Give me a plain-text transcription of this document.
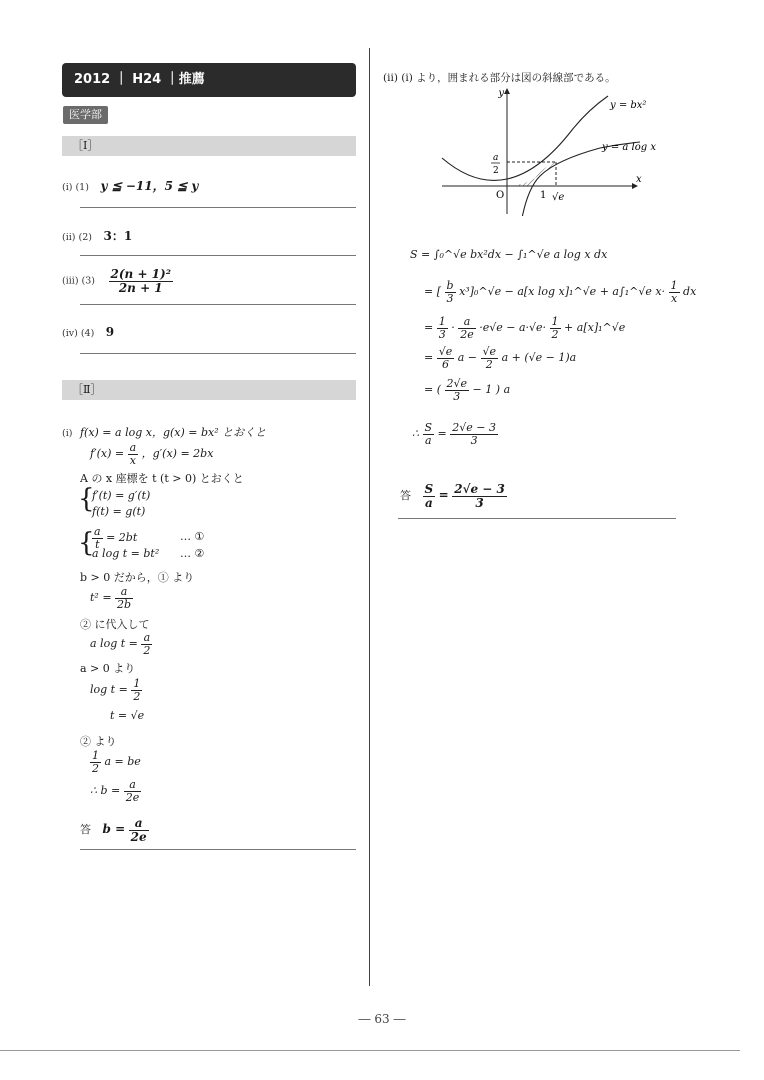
2012 ｜ H24 ｜推薦
医学部
［Ⅰ］
(i) (1) y ≦ −11，5 ≦ y
(ii) (2) 3：1
(iii) $(3) \frac{\text{2(n + 1)²}}{2n + 1}$
(iv) (4) 9
［Ⅱ］
(i) f(x) = a log x，g(x) = bx² とおくと
$f'(x) = \frac{a}{x}$ ，g′(x) = 2bx
A の x 座標を t (t > 0) とおくと
{
f′(t) = g′(t)
f(t) = g(t)
{
$\frac{a}{t} = 2bt$	… ①
a log t = bt² … ②
b > 0 だから，① より
$t^2 = \frac{a}{2b}$
② に代入して
a $\log t = \frac{a}{2}$
a > 0 より
$\log t = \frac{1}{2}$
t = √e
② より
$\frac{1}{2}$ a = be
∴ $b = \frac{a}{2e}$
答 $b = \frac{a}{2e}$
(ii) (i) より，囲まれる部分は図の斜線部である。
y
x
O	1 √e
a
2
y = bx²
y = a log x
S = ∫₀^√e bx²dx − ∫₁^√e a log x dx
= [ $\frac{b}{3}$ x³]₀^√e − a[x log x]₁^√e + a∫₁^√e $x\cdot \frac{1}{x}$ dx
= $\frac{1}{3} \cdot \frac{a}{2e} \cdot e√e - a\cdot√e\cdot \frac{1}{2}$ + a[x]₁^√e
= $\frac{√e}{6}$ $a - \frac{√e}{2}$ a + (√e − 1)a
= ( $\frac{2√e}{3} - 1$ ) a
∴ $\frac{S}{a} = \frac{2√e - 3}{3}$
答 $\frac{S}{a} = \frac{2√e - 3}{3}$
― 63 ―
